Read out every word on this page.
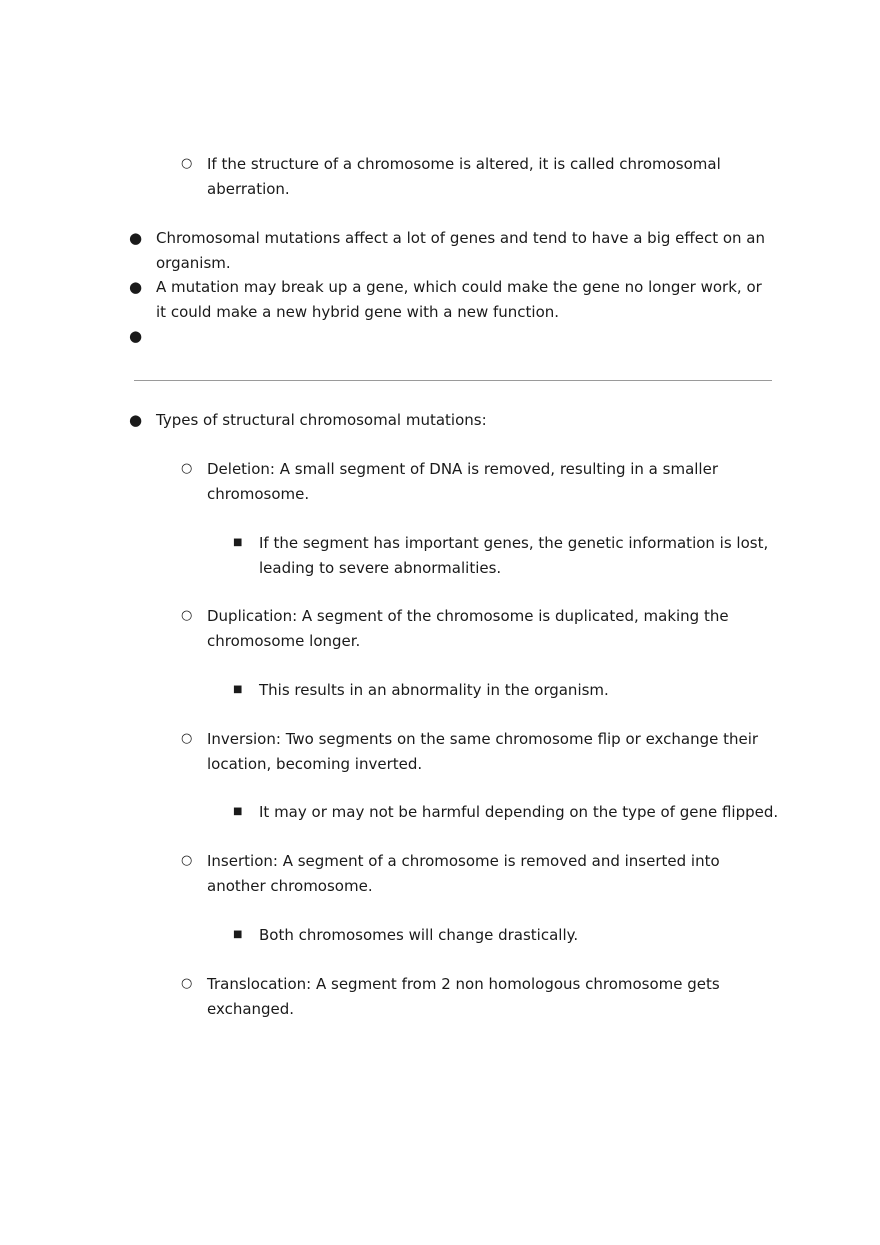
○ If the structure of a chromosome is altered, it is called chromosomal aberration.
● Chromosomal mutations affect a lot of genes and tend to have a big effect on an organism.
● A mutation may break up a gene, which could make the gene no longer work, or it could make a new hybrid gene with a new function.
●
● Types of structural chromosomal mutations:
○ Deletion: A small segment of DNA is removed, resulting in a smaller chromosome.
■ If the segment has important genes, the genetic information is lost, leading to severe abnormalities.
○ Duplication: A segment of the chromosome is duplicated, making the chromosome longer.
■ This results in an abnormality in the organism.
○ Inversion: Two segments on the same chromosome flip or exchange their location, becoming inverted.
■ It may or may not be harmful depending on the type of gene flipped.
○ Insertion: A segment of a chromosome is removed and inserted into another chromosome.
■ Both chromosomes will change drastically.
○ Translocation: A segment from 2 non homologous chromosome gets exchanged.
